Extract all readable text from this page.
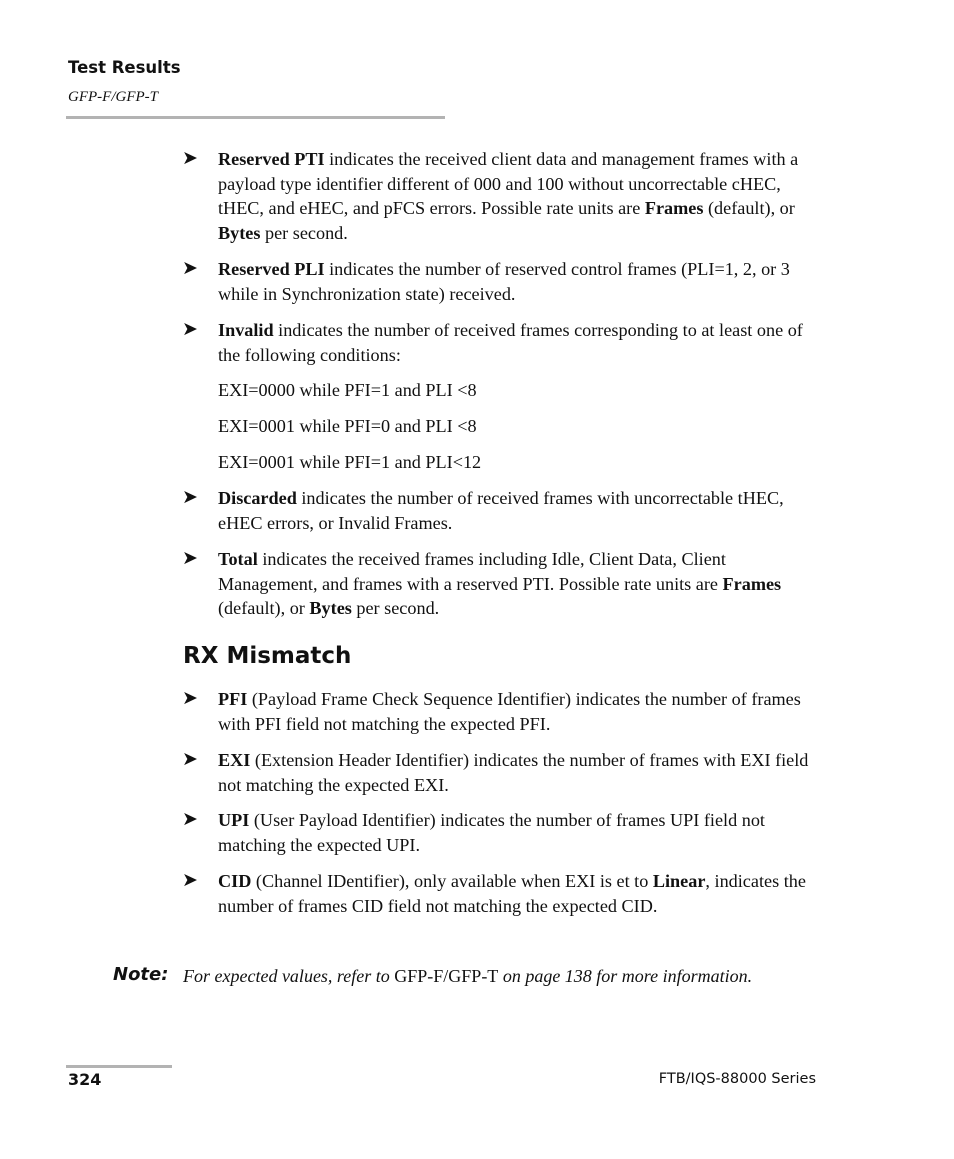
Test Results
GFP-F/GFP-T
➤ Reserved PTI indicates the received client data and management frames with a payload type identifier different of 000 and 100 without uncorrectable cHEC, tHEC, and eHEC, and pFCS errors. Possible rate units are Frames (default), or Bytes per second.
➤ Reserved PLI indicates the number of reserved control frames (PLI=1, 2, or 3 while in Synchronization state) received.
➤ Invalid indicates the number of received frames corresponding to at least one of the following conditions:
EXI=0000 while PFI=1 and PLI <8
EXI=0001 while PFI=0 and PLI <8
EXI=0001 while PFI=1 and PLI<12
➤ Discarded indicates the number of received frames with uncorrectable tHEC, eHEC errors, or Invalid Frames.
➤ Total indicates the received frames including Idle, Client Data, Client Management, and frames with a reserved PTI. Possible rate units are Frames (default), or Bytes per second.
RX Mismatch
➤ PFI (Payload Frame Check Sequence Identifier) indicates the number of frames with PFI field not matching the expected PFI.
➤ EXI (Extension Header Identifier) indicates the number of frames with EXI field not matching the expected EXI.
➤ UPI (User Payload Identifier) indicates the number of frames UPI field not matching the expected UPI.
➤ CID (Channel IDentifier), only available when EXI is et to Linear, indicates the number of frames CID field not matching the expected CID.
Note: For expected values, refer to GFP-F/GFP-T on page 138 for more information.
324	FTB/IQS-88000 Series
